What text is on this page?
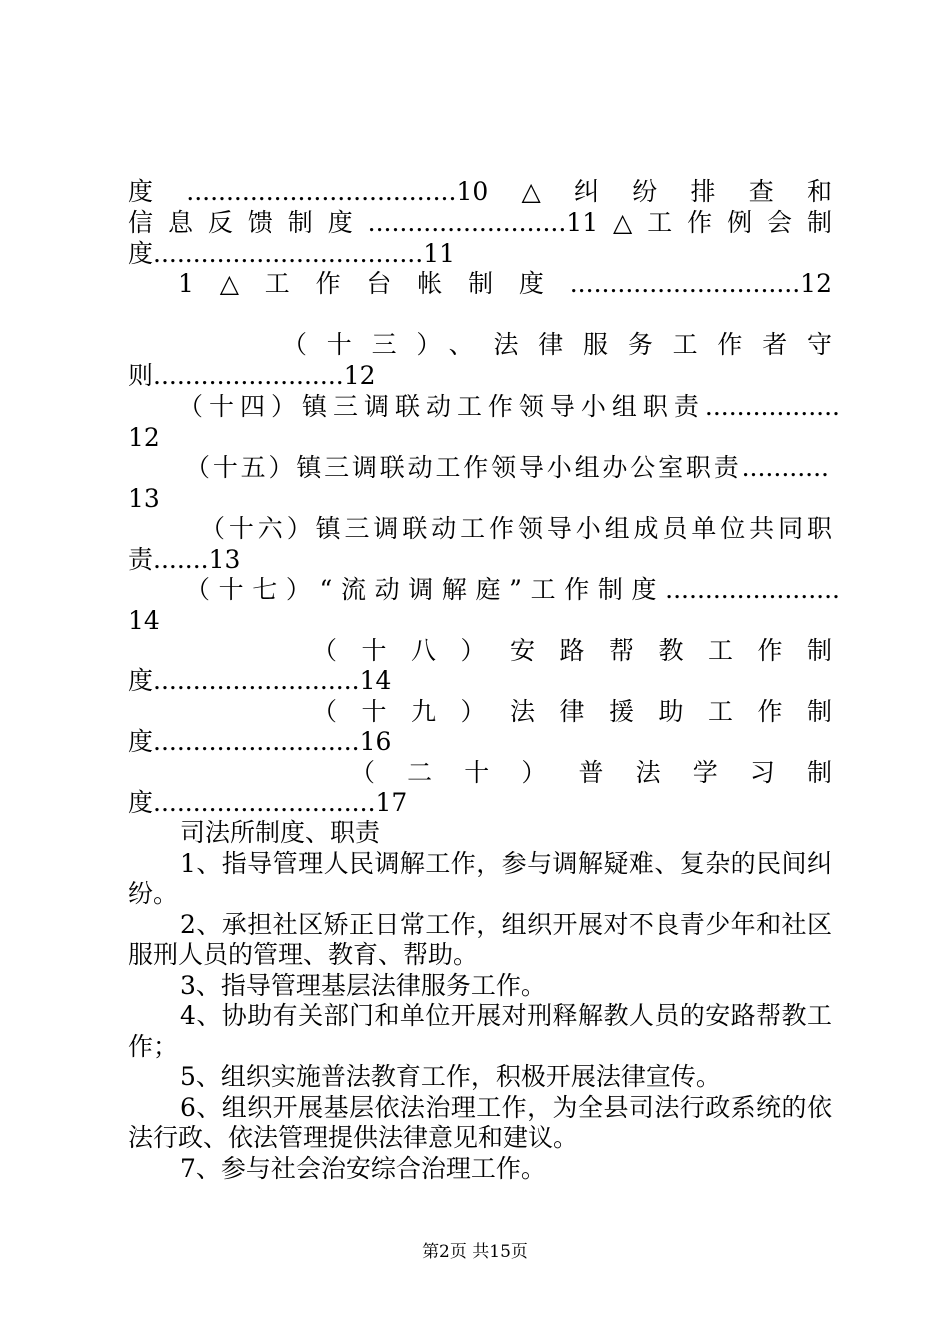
度..................................10△纠纷排查和
信息反馈制度.........................11△工作例会制
度..................................11
1△工作台帐制度.............................12
（十三）、法律服务工作者守
则........................12
（十四）镇三调联动工作领导小组职责.................
12
（十五）镇三调联动工作领导小组办公室职责...........
13
（十六）镇三调联动工作领导小组成员单位共同职
责.......13
（十七）“流动调解庭”工作制度......................
14
（十八）安路帮教工作制
度..........................14
（十九）法律援助工作制
度..........................16
（二十）普法学习制
度............................17
司法所制度、职责
1、指导管理人民调解工作，参与调解疑难、复杂的民间纠
纷。
2、承担社区矫正日常工作，组织开展对不良青少年和社区
服刑人员的管理、教育、帮助。
3、指导管理基层法律服务工作。
4、协助有关部门和单位开展对刑释解教人员的安路帮教工
作；
5、组织实施普法教育工作，积极开展法律宣传。
6、组织开展基层依法治理工作，为全县司法行政系统的依
法行政、依法管理提供法律意见和建议。
7、参与社会治安综合治理工作。
第2页 共15页
